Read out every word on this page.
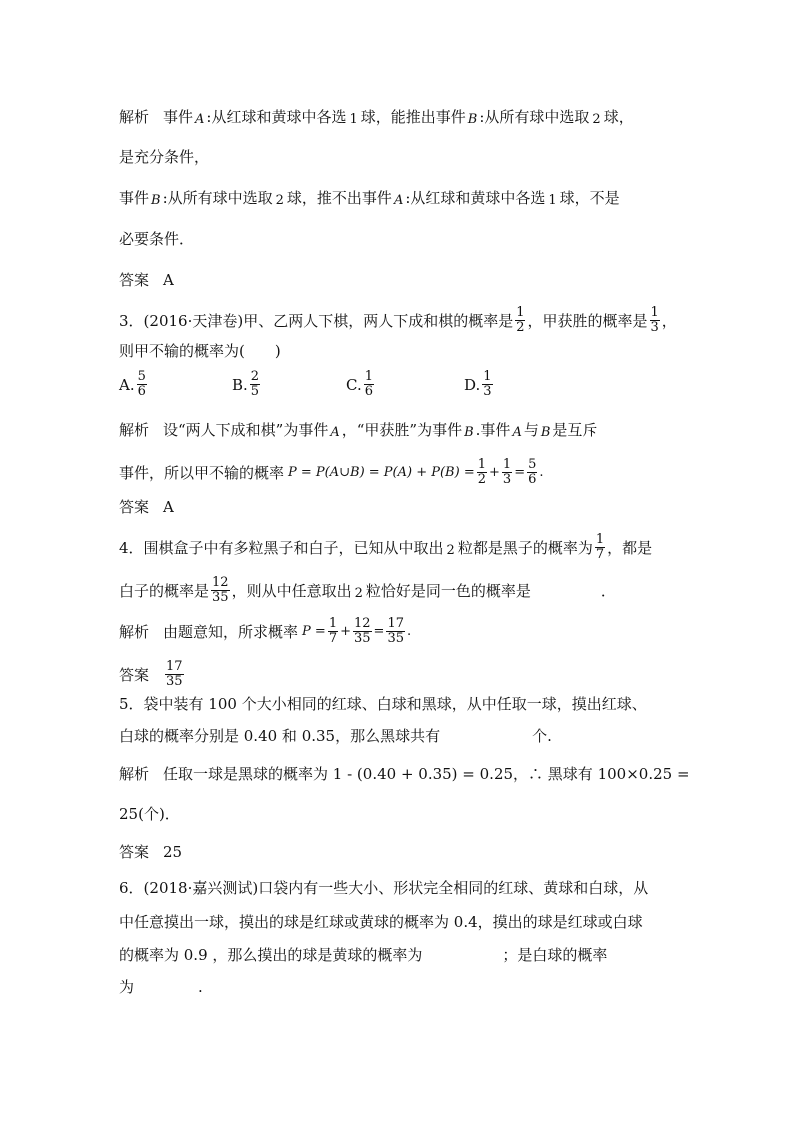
解析 事件 A :从红球和黄球中各选 1 球，能推出事件 B :从所有球中选取 2 球，
是充分条件，
事件 B :从所有球中选取 2 球，推不出事件 A :从红球和黄球中各选 1 球，不是
必要条件．
答案 A
3．(2016·天津卷)甲、乙两人下棋，两人下成和棋的概率是 $\frac{1}{2}$ ，甲获胜的概率是 $\frac{1}{3}$ ，
则甲不输的概率为(　　)
A. $\frac{5}{6}$	B. $\frac{2}{5}$	C. $\frac{1}{6}$	D. $\frac{1}{3}$
解析 设“两人下成和棋”为事件 A ，“甲获胜”为事件 B .事件 A 与 B 是互斥
事件，所以甲不输的概率 P = P(A∪B) = $P(A) + P(B) = \frac{1}{2} + \frac{1}{3} = \frac{5}{6}$ .
答案 A
4．围棋盒子中有多粒黑子和白子，已知从中取出 2 粒都是黑子的概率为 $\frac{1}{7}$ ，都是
白子的概率是 $\frac{12}{35}$ ，则从中任意取出 2 粒恰好是同一色的概率是	．
解析 由题意知，所求概率 $P = \frac{1}{7} + \frac{12}{35} = \frac{17}{35}$ .
答案 $\frac{17}{35}$
5．袋中装有 100 个大小相同的红球、白球和黑球，从中任取一球，摸出红球、
白球的概率分别是 0.40 和 0.35，那么黑球共有	个.
解析 任取一球是黑球的概率为 1 - (0.40 + 0.35) = 0.25，∴ 黑球有 100×0.25 =
25(个)．
答案 25
6．(2018·嘉兴测试)口袋内有一些大小、形状完全相同的红球、黄球和白球，从
中任意摸出一球，摸出的球是红球或黄球的概率为 0.4，摸出的球是红球或白球
的概率为 0.9 ，那么摸出的球是黄球的概率为	；是白球的概率
为	.
